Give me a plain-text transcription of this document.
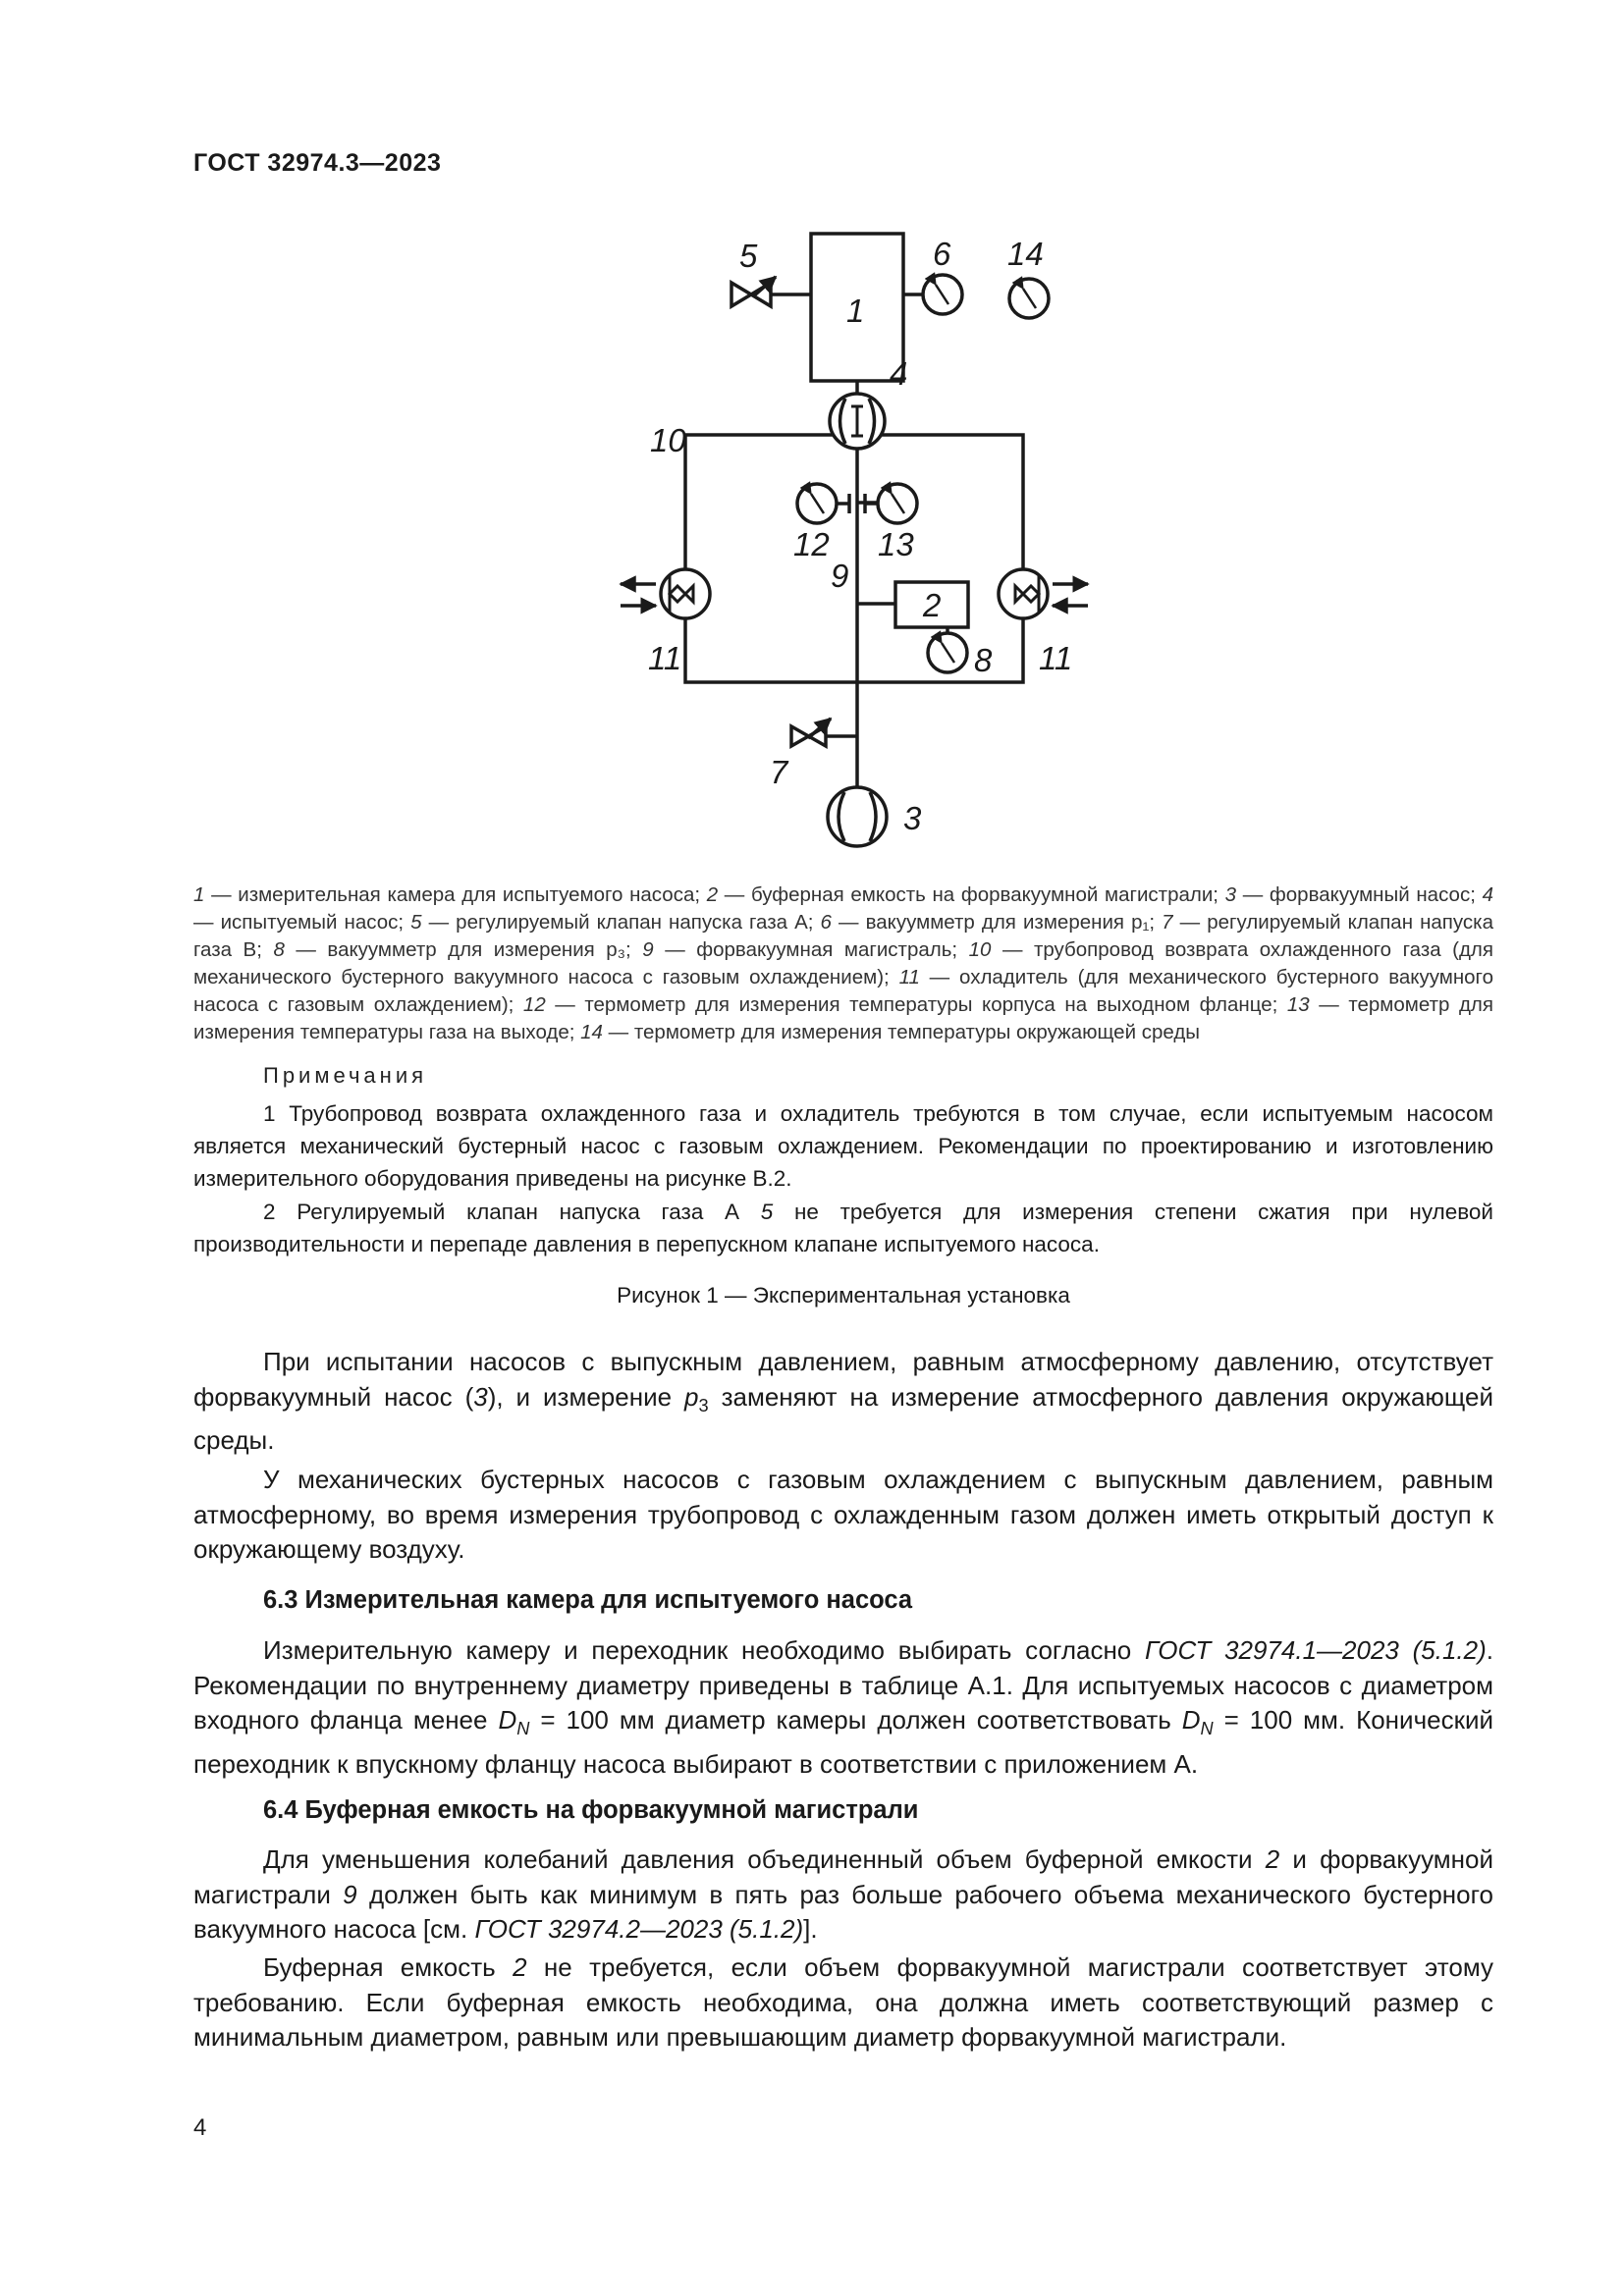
ГОСТ 32974.3—2023
1
5	6 14
4
10
12 13
9
2
8
11	11
7
3
1 — измерительная камера для испытуемого насоса; 2 — буферная емкость на форвакуумной магистрали; 3 — форвакуумный насос; 4 — испытуемый насос; 5 — регулируемый клапан напуска газа А; 6 — вакуумметр для измерения p₁; 7 — регулируемый клапан напуска газа В; 8 — вакуумметр для измерения p₃; 9 — форвакуумная магистраль; 10 — трубопровод возврата охлажденного газа (для механического бустерного вакуумного насоса с газовым охлаждением); 11 — охладитель (для механического бустерного вакуумного насоса с газовым охлаждением); 12 — термометр для измерения температуры корпуса на выходном фланце; 13 — термометр для измерения температуры газа на выходе; 14 — термометр для измерения температуры окружающей среды
Примечания
1 Трубопровод возврата охлажденного газа и охладитель требуются в том случае, если испытуемым насосом является механический бустерный насос с газовым охлаждением. Рекомендации по проектированию и изготовлению измерительного оборудования приведены на рисунке В.2.
2 Регулируемый клапан напуска газа А 5 не требуется для измерения степени сжатия при нулевой производительности и перепаде давления в перепускном клапане испытуемого насоса.
Рисунок 1 — Экспериментальная установка
При испытании насосов с выпускным давлением, равным атмосферному давлению, отсутствует форвакуумный насос (3), и измерение $p_3$ заменяют на измерение атмосферного давления окружающей среды.
У механических бустерных насосов с газовым охлаждением с выпускным давлением, равным атмосферному, во время измерения трубопровод с охлажденным газом должен иметь открытый доступ к окружающему воздуху.
6.3 Измерительная камера для испытуемого насоса
Измерительную камеру и переходник необходимо выбирать согласно ГОСТ 32974.1—2023 (5.1.2). Рекомендации по внутреннему диаметру приведены в таблице А.1. Для испытуемых насосов с диаметром входного фланца менее $D_N = 100$ мм диаметр камеры должен соответствовать $D_N = 100$ мм. Конический переходник к впускному фланцу насоса выбирают в соответствии с приложением А.
6.4 Буферная емкость на форвакуумной магистрали
Для уменьшения колебаний давления объединенный объем буферной емкости 2 и форвакуумной магистрали 9 должен быть как минимум в пять раз больше рабочего объема механического бустерного вакуумного насоса [см. ГОСТ 32974.2—2023 (5.1.2)].
Буферная емкость 2 не требуется, если объем форвакуумной магистрали соответствует этому требованию. Если буферная емкость необходима, она должна иметь соответствующий размер с минимальным диаметром, равным или превышающим диаметр форвакуумной магистрали.
4
